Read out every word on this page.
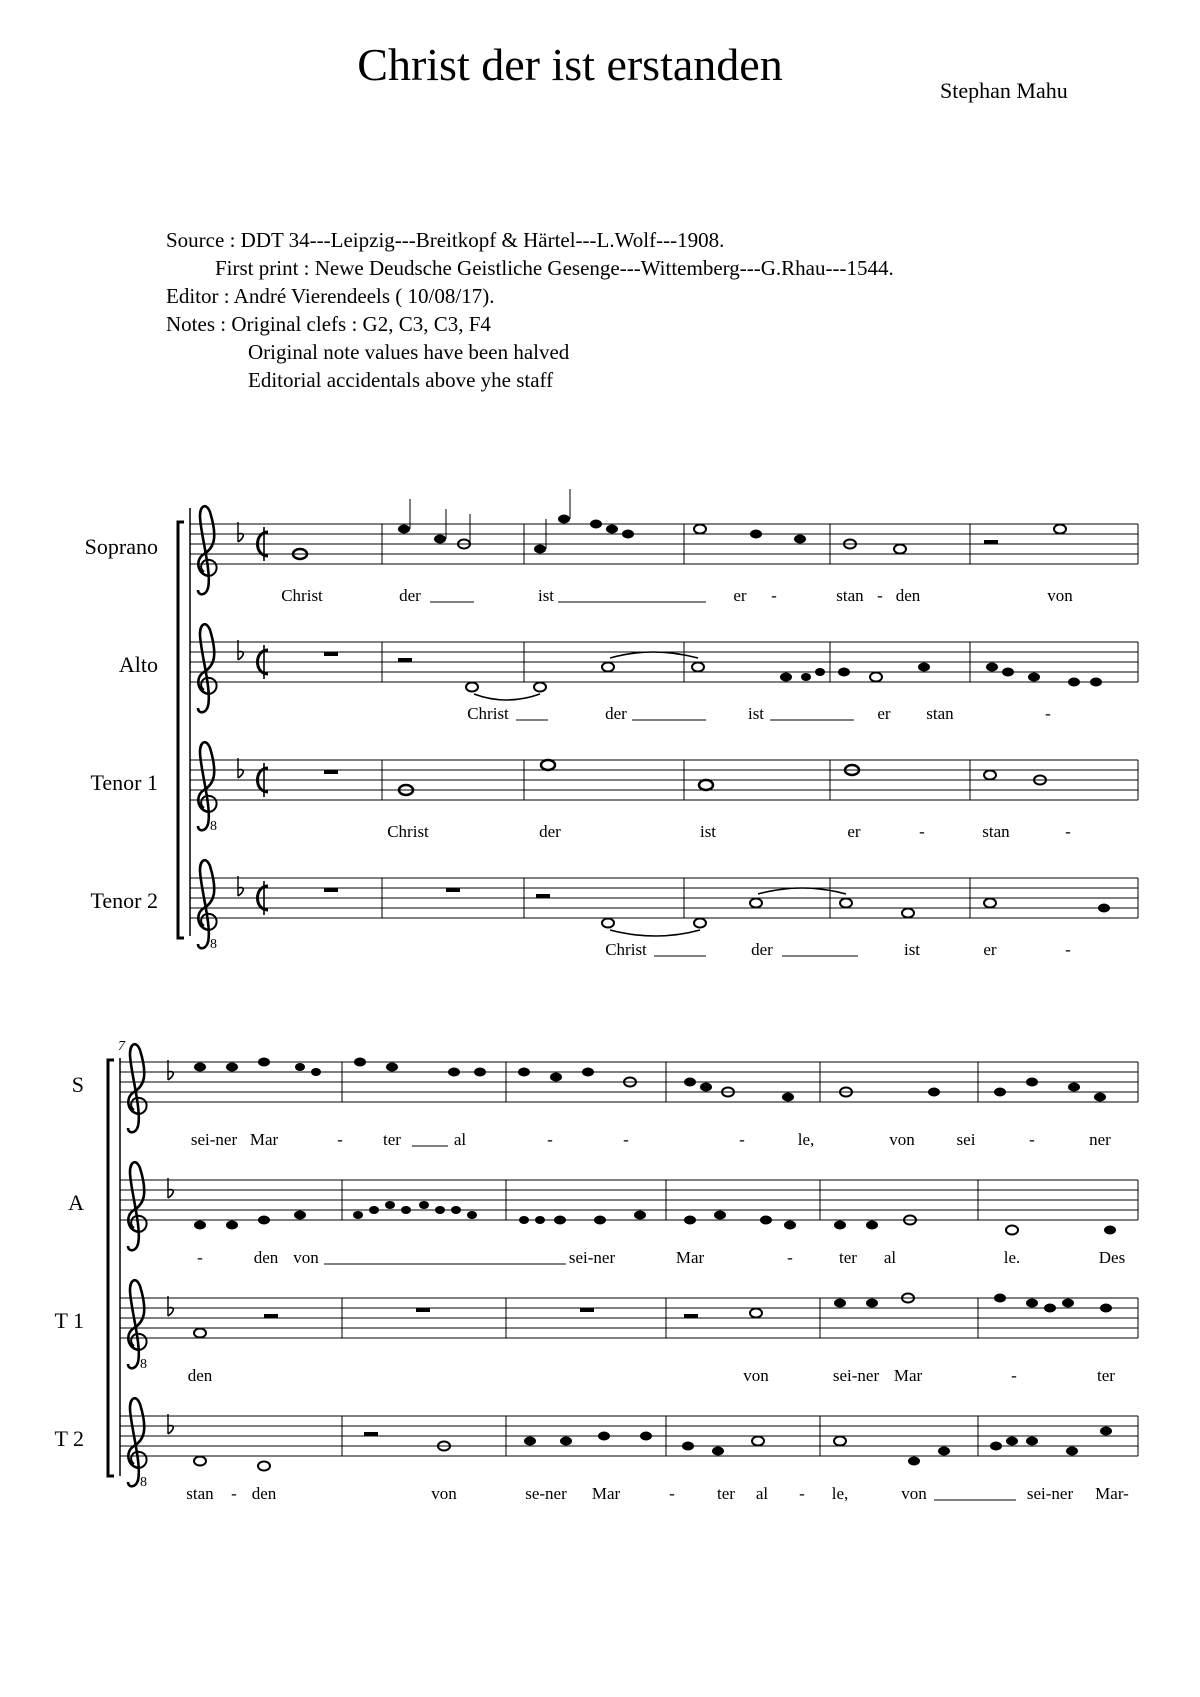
Christ der ist erstanden
Stephan Mahu
Source : DDT 34---Leipzig---Breitkopf & Härtel---L.Wolf---1908.
First print : Newe Deudsche Geistliche Gesenge---Wittemberg---G.Rhau---1544.
Editor : André Vierendeels ( 10/08/17).
Notes : Original clefs : G2, C3, C3, F4
Original note values have been halved
Editorial accidentals above yhe staff
Soprano
Christ	der	ist	er -	stan - den	von
Alto
Christ	der	ist	er stan	-
Tenor 1
8	Christ	der	ist	er	-	stan	-
Tenor 2
8	Christ	der	ist	er	-
7
S
sei-ner Mar	- ter	al	-	-	-	le,	von sei	-	ner
A
-	den von	sei-ner	Mar	-	ter al	le.	Des
T 1
8
den	von	sei-ner Mar	-	ter
T 2
8
stan - den	von	se-ner Mar	- ter al - le,	von	sei-ner Mar-
